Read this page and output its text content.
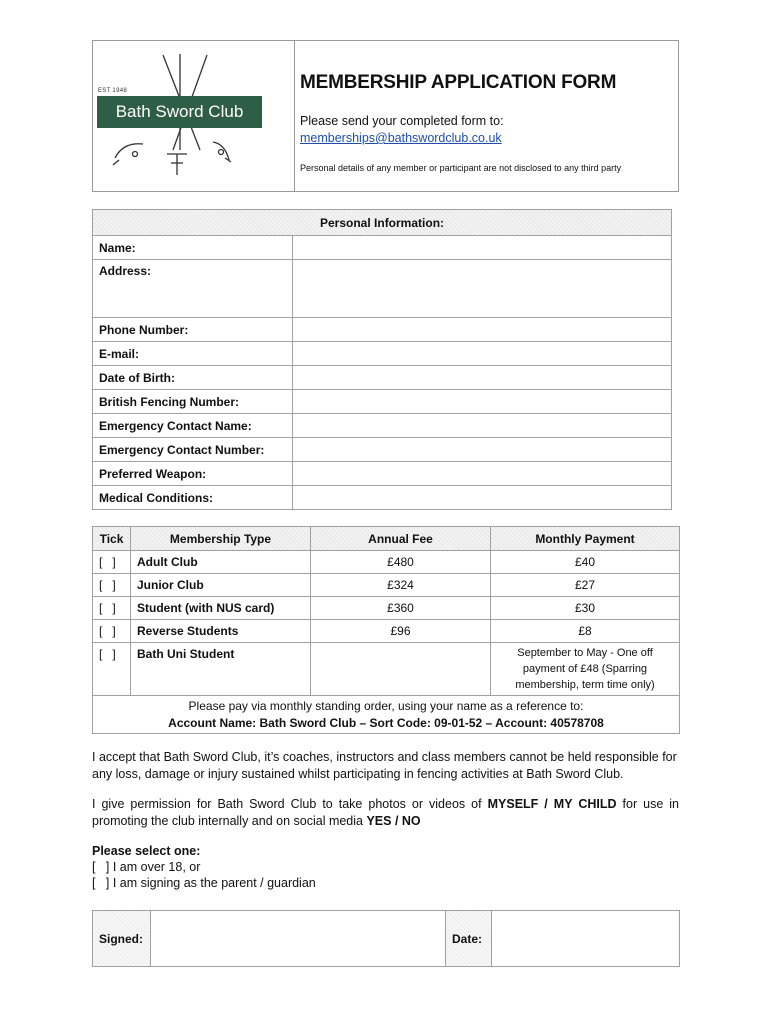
EST 1948
Bath Sword Club
MEMBERSHIP APPLICATION FORM
Please send your completed form to:
memberships@bathswordclub.co.uk
Personal details of any member or participant are not disclosed to any third party
Personal Information:	
Name:	
Address:	
Phone Number:	
E-mail:	
Date of Birth:	
British Fencing Number:	
Emergency Contact Name:	
Emergency Contact Number:	
Preferred Weapon:	
Medical Conditions:	
Tick	Membership Type	Annual Fee	Monthly Payment
[   ]	Adult Club	£480	£40
[   ]	Junior Club	£324	£27
[   ]	Student (with NUS card)	£360	£30
[   ]	Reverse Students	£96	£8
[   ]	Bath Uni Student		September to May - One off payment of £48 (Sparring membership, term time only)

Please pay via monthly standing order, using your name as a reference to:
Account Name: Bath Sword Club – Sort Code: 09-01-52 – Account: 40578708			
I accept that Bath Sword Club, it’s coaches, instructors and class members cannot be held responsible for any loss, damage or injury sustained whilst participating in fencing activities at Bath Sword Club.
I give permission for Bath Sword Club to take photos or videos of MYSELF / MY CHILD for use in promoting the club internally and on social media YES / NO
Please select one:
[   ] I am over 18, or
[   ] I am signing as the parent / guardian
Signed:		Date:	
